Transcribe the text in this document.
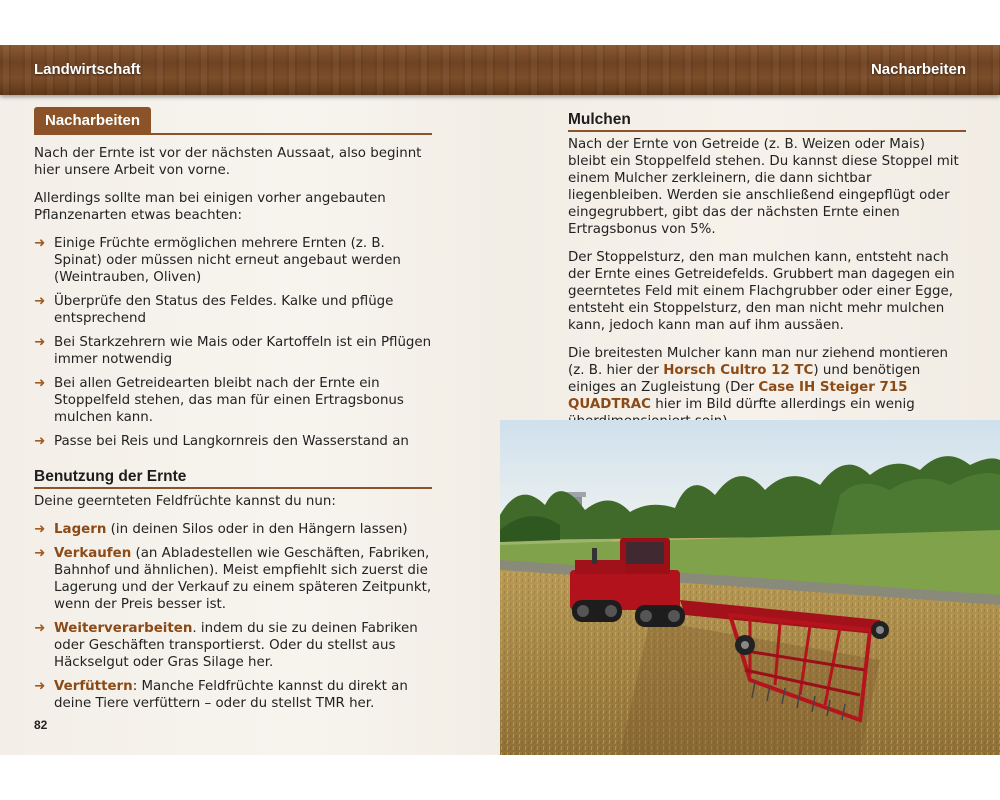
Landwirtschaft	Nacharbeiten
Nacharbeiten

Nach der Ernte ist vor der nächsten Aussaat, also beginnt hier unsere Arbeit von vorne.

Allerdings sollte man bei einigen vorher angebauten Pflanzenarten etwas beachten:

➜ Einige Früchte ermöglichen mehrere Ernten (z. B. Spinat) oder müssen nicht erneut angebaut werden (Weintrauben, Oliven)
➜ Überprüfe den Status des Feldes. Kalke und pflüge entsprechend
➜ Bei Starkzehrern wie Mais oder Kartoffeln ist ein Pflügen immer notwendig
➜ Bei allen Getreidearten bleibt nach der Ernte ein Stoppelfeld stehen, das man für einen Ertragsbonus mulchen kann.
➜ Passe bei Reis und Langkornreis den Wasserstand an
Benutzung der Ernte

Deine geernteten Feldfrüchte kannst du nun:

➜ Lagern (in deinen Silos oder in den Hängern lassen)
➜ Verkaufen (an Abladestellen wie Geschäften, Fabriken, Bahnhof und ähnlichen). Meist empfiehlt sich zuerst die Lagerung und der Verkauf zu einem späteren Zeitpunkt, wenn der Preis besser ist.
➜ Weiterverarbeiten. indem du sie zu deinen Fabriken oder Geschäften transportierst. Oder du stellst aus Häckselgut oder Gras Silage her.
➜ Verfüttern: Manche Feldfrüchte kannst du direkt an deine Tiere verfüttern – oder du stellst TMR her.
82
Mulchen

Nach der Ernte von Getreide (z. B. Weizen oder Mais) bleibt ein Stoppelfeld stehen. Du kannst diese Stoppel mit einem Mulcher zerkleinern, die dann sichtbar liegenbleiben. Werden sie anschließend eingepflügt oder eingegrubbert, gibt das der nächsten Ernte einen Ertragsbonus von 5%.

Der Stoppelsturz, den man mulchen kann, entsteht nach der Ernte eines Getreidefelds. Grubbert man dagegen ein geerntetes Feld mit einem Flachgrubber oder einer Egge, entsteht ein Stoppelsturz, den man nicht mehr mulchen kann, jedoch kann man auf ihm aussäen.

Die breitesten Mulcher kann man nur ziehend montieren (z. B. hier der Horsch Cultro 12 TC) und benötigen einiges an Zugleistung (Der Case IH Steiger 715 QUADTRAC hier im Bild dürfte allerdings ein wenig
